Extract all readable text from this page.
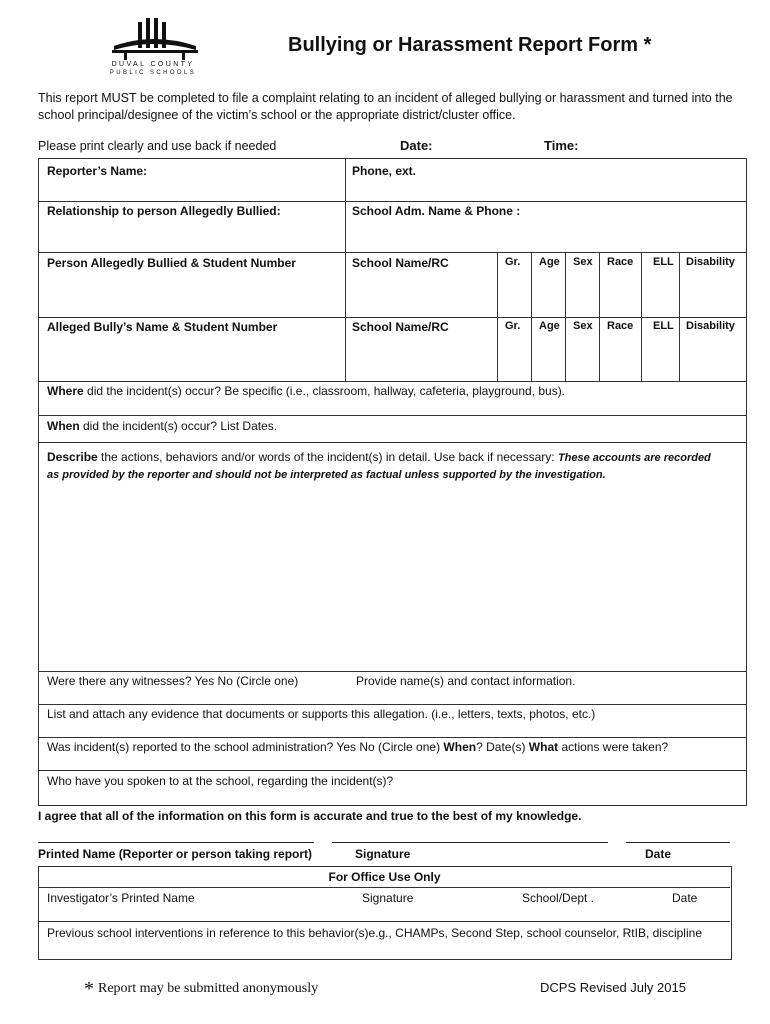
DUVAL COUNTY
PUBLIC SCHOOLS
Bullying or Harassment Report Form *
This report MUST be completed to file a complaint relating to an incident of alleged bullying or harassment and turned into the school principal/designee of the victim’s school or the appropriate district/cluster office.
Please print clearly and use back if needed	Date:	Time:
Reporter’s Name:	Phone, ext.
Relationship to person Allegedly Bullied:	School Adm. Name & Phone :
Person Allegedly Bullied & Student Number	School Name/RC	Gr. Age Sex Race ELL Disability
Alleged Bully’s Name & Student Number	School Name/RC	Gr. Age Sex Race ELL Disability
Where did the incident(s) occur? Be specific (i.e., classroom, hallway, cafeteria, playground, bus).
When did the incident(s) occur? List Dates.
Describe the actions, behaviors and/or words of the incident(s) in detail. Use back if necessary: These accounts are recorded
as provided by the reporter and should not be interpreted as factual unless supported by the investigation.
Were there any witnesses? Yes No (Circle one)	Provide name(s) and contact information.
List and attach any evidence that documents or supports this allegation. (i.e., letters, texts, photos, etc.)
Was incident(s) reported to the school administration? Yes No (Circle one) When? Date(s) What actions were taken?
Who have you spoken to at the school, regarding the incident(s)?
I agree that all of the information on this form is accurate and true to the best of my knowledge.
Printed Name (Reporter or person taking report)	Signature	Date
For Office Use Only
Investigator’s Printed Name	Signature	School/Dept .	Date
Previous school interventions in reference to this behavior(s)e.g., CHAMPs, Second Step, school counselor, RtIB, discipline
* Report may be submitted anonymously	DCPS Revised July 2015
